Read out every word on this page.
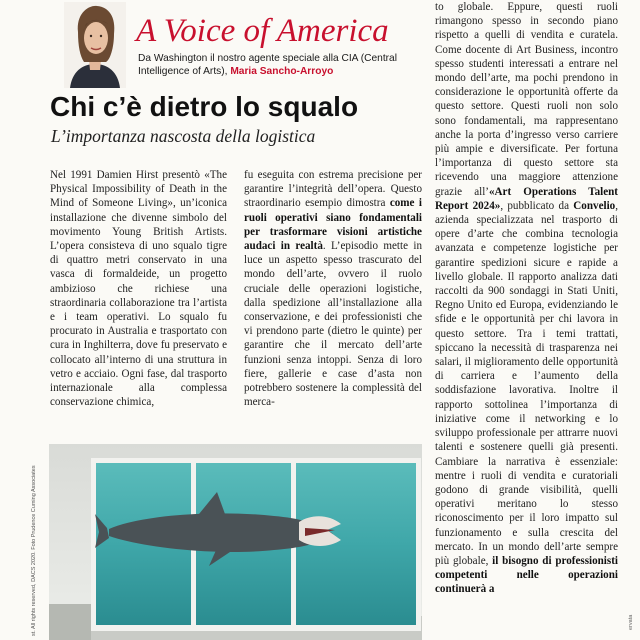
A Voice of America
Da Washington il nostro agente speciale alla CIA (Central Intelligence of Arts), Maria Sancho-Arroyo
Chi c’è dietro lo squalo
L’importanza nascosta della logistica

Nel 1991 Damien Hirst presentò «The Physical Impossibility of Death in the Mind of Someone Living», un’iconica installazione che divenne simbolo del movimento Young British Artists. L’opera consisteva di uno squalo tigre di quattro metri conservato in una vasca di formaldeide, un progetto ambizioso che richiese una straordinaria collaborazione tra l’artista e i team operativi. Lo squalo fu procurato in Australia e trasportato con cura in Inghilterra, dove fu preservato e collocato all’interno di una struttura in vetro e acciaio. Ogni fase, dal trasporto internazionale alla complessa conservazione chimica,

fu eseguita con estrema precisione per garantire l’integrità dell’opera. Questo straordinario esempio dimostra come i ruoli operativi siano fondamentali per trasformare visioni artistiche audaci in realtà. L’episodio mette in luce un aspetto spesso trascurato del mondo dell’arte, ovvero il ruolo cruciale delle operazioni logistiche, dalla spedizione all’installazione alla conservazione, e dei professionisti che vi prendono parte (dietro le quinte) per garantire che il mercato dell’arte funzioni senza intoppi. Senza di loro fiere, gallerie e case d’asta non potrebbero sostenere la complessità del merca-

to globale. Eppure, questi ruoli rimangono spesso in secondo piano rispetto a quelli di vendita e curatela. Come docente di Art Business, incontro spesso studenti interessati a entrare nel mondo dell’arte, ma pochi prendono in considerazione le opportunità offerte da questo settore. Questi ruoli non solo sono fondamentali, ma rappresentano anche la porta d’ingresso verso carriere più ampie e diversificate. Per fortuna l’importanza di questo settore sta ricevendo una maggiore attenzione grazie all’«Art Operations Talent Report 2024», pubblicato da Convelio, azienda specializzata nel trasporto di opere d’arte che combina tecnologia avanzata e competenze logistiche per garantire spedizioni sicure e rapide a livello globale. Il rapporto analizza dati raccolti da 900 sondaggi in Stati Uniti, Regno Unito ed Europa, evidenziando le sfide e le opportunità per chi lavora in questo settore. Tra i temi trattati, spiccano la necessità di trasparenza nei salari, il miglioramento delle opportunità di carriera e l’aumento della soddisfazione lavorativa. Inoltre il rapporto sottolinea l’importanza di iniziative come il networking e lo sviluppo professionale per attrarre nuovi talenti e sostenere quelli già presenti. Cambiare la narrativa è essenziale: mentre i ruoli di vendita e curatoriali godono di grande visibilità, quelli operativi meritano lo stesso riconoscimento per il loro impatto sul funzionamento e sulla crescita del mercato. In un mondo dell’arte sempre più globale, il bisogno di professionisti competenti nelle operazioni continuerà a

st. All rights reserved, DACS 2020. Foto Prudence Cuming Associates	ervata
